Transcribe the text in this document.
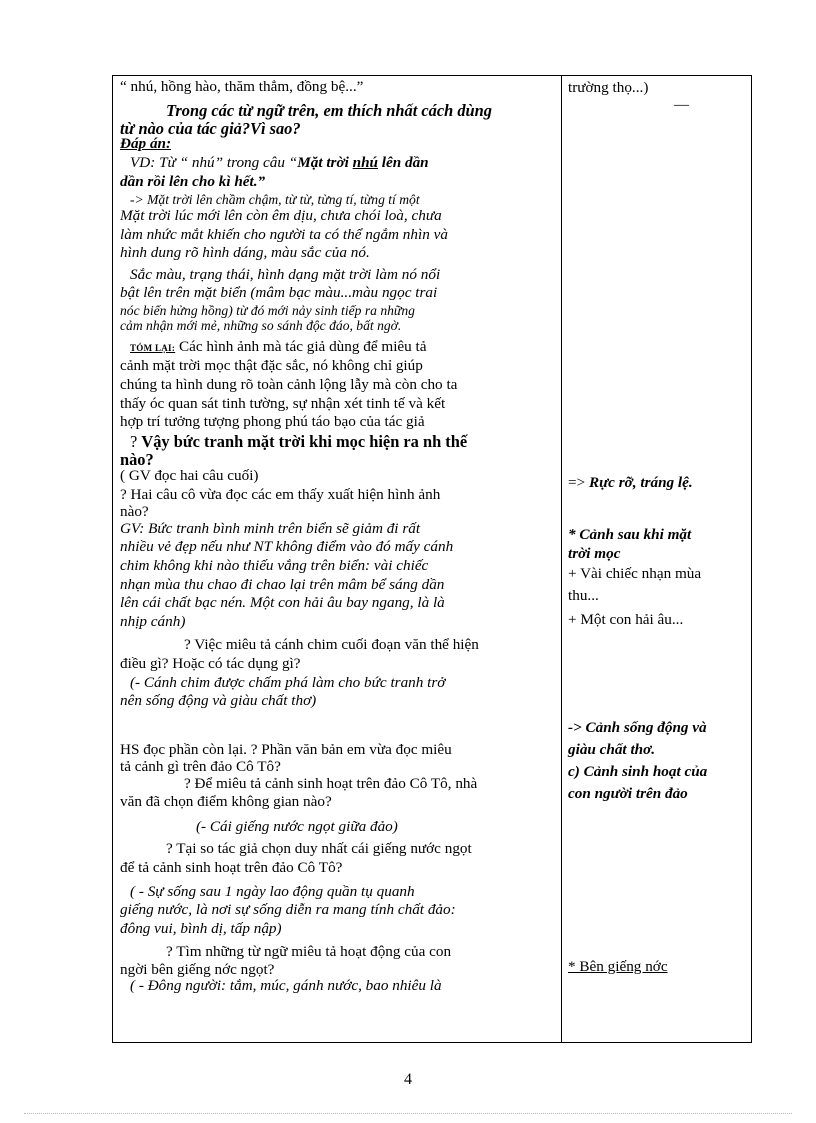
“ nhú, hồng hào, thăm thẳm, đồng bệ...”

Trong các từ ngữ trên, em thích nhất cách dùng

từ nào của tác giả?Vì sao?

Đáp án:

VD: Từ “ nhú” trong câu “Mặt trời nhú lên dần

dần rồi lên cho kì hết.”

-> Mặt trời lên chầm chậm, từ từ, từng tí, từng tí một

Mặt trời lúc mới lên còn êm dịu, chưa chói loà, chưa

làm nhức mắt khiến cho người ta có thể ngắm nhìn và

hình dung rõ hình dáng, màu sắc của nó.

Sắc màu, trạng thái, hình dạng mặt trời làm nó nổi

bật lên trên mặt biển (mâm bạc màu...màu ngọc trai

nóc biển hửng hồng) từ đó mới nảy sinh tiếp ra những

cảm nhận mới mẻ, những so sánh độc đáo, bất ngờ.

TÓM LẠI: Các hình ảnh mà tác giả dùng để miêu tả

cảnh mặt trời mọc thật đặc sắc, nó không chỉ giúp

chúng ta hình dung rõ toàn cảnh lộng lẫy mà còn cho ta

thấy óc quan sát tinh tường, sự nhận xét tinh tế và kết

hợp trí tưởng tượng phong phú táo bạo của tác giả

? Vậy bức tranh mặt trời khi mọc hiện ra nh thế

nào?

( GV đọc hai câu cuối)

? Hai câu cô vừa đọc các em thấy xuất hiện hình ảnh

nào?

GV: Bức tranh bình minh trên biển sẽ giảm đi rất

nhiều vẻ đẹp nếu như NT không điểm vào đó mấy cánh

chim không khi nào thiếu vắng trên biển: vài chiếc

nhạn mùa thu chao đi chao lại trên mâm bể sáng dần

lên cái chất bạc nén. Một con hải âu bay ngang, là là

nhịp cánh)

? Việc miêu tả cánh chim cuối đoạn văn thể hiện

điều gì? Hoặc có tác dụng gì?

(- Cánh chim được chấm phá làm cho bức tranh trở

nên sống động và giàu chất thơ)

HS đọc phần còn lại. ? Phần văn bản em vừa đọc miêu

tả cảnh gì trên đảo Cô Tô?

? Để miêu tả cảnh sinh hoạt trên đảo Cô Tô, nhà

văn đã chọn điểm không gian nào?

(- Cái giếng nước ngọt giữa đảo)

? Tại so tác giả chọn duy nhất cái giếng nước ngọt

để tả cảnh sinh hoạt trên đảo Cô Tô?

( - Sự sống sau 1 ngày lao động quần tụ quanh

giếng nước, là nơi sự sống diễn ra mang tính chất đảo:

đông vui, bình dị, tấp nập)

? Tìm những từ ngữ miêu tả hoạt động của con

ngời bên giếng nớc ngọt?

( - Đông người: tắm, múc, gánh nước, bao nhiêu là

trường thọ...)

—

=> Rực rỡ, tráng lệ.

* Cảnh sau khi mặt

trời mọc

+ Vài chiếc nhạn mùa

thu...

+ Một con hải âu...

-> Cảnh sống động và

giàu chất thơ.

c) Cảnh sinh hoạt của

con người trên đảo

* Bên giếng nớc

4
